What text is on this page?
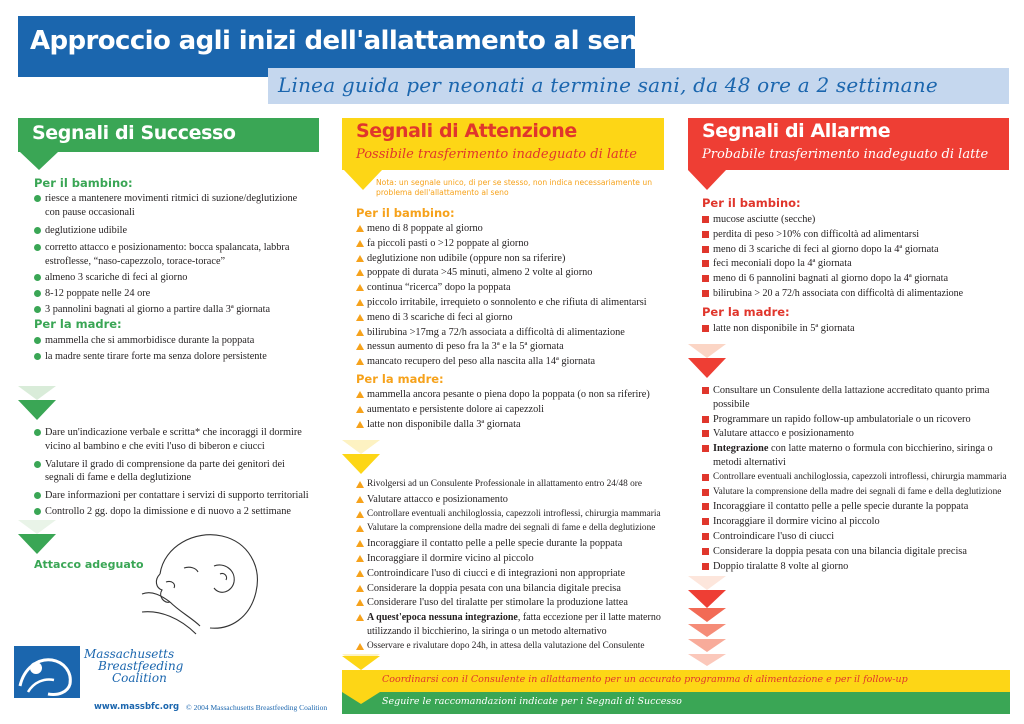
Approccio agli inizi dell'allattamento al seno
Linea guida per neonati a termine sani, da 48 ore a 2 settimane
Segnali di Successo
Per il bambino:
riesce a mantenere movimenti ritmici di suzione/deglutizione con pause occasionali
deglutizione udibile
corretto attacco e posizionamento: bocca spalancata, labbra estroflesse, “naso-capezzolo, torace-torace”
almeno 3 scariche di feci al giorno
8-12 poppate nelle 24 ore
3 pannolini bagnati al giorno a partire dalla 3ª giornata
Per la madre:
mammella che si ammorbidisce durante la poppata
la madre sente tirare forte ma senza dolore persistente
Dare un'indicazione verbale e scritta* che incoraggi il dormire vicino al bambino e che eviti l'uso di biberon e ciucci
Valutare il grado di comprensione da parte dei genitori dei segnali di fame e della deglutizione
Dare informazioni per contattare i servizi di supporto territoriali
Controllo 2 gg. dopo la dimissione e di nuovo a 2 settimane
Attacco adeguato
Segnali di Attenzione
Possibile trasferimento inadeguato di latte
Nota: un segnale unico, di per se stesso, non indica necessariamente un problema dell'allattamento al seno
Per il bambino:
meno di 8 poppate al giorno
fa piccoli pasti o >12 poppate al giorno
deglutizione non udibile (oppure non sa riferire)
poppate di durata >45 minuti, almeno 2 volte al giorno
continua “ricerca” dopo la poppata
piccolo irritabile, irrequieto o sonnolento e che rifiuta di alimentarsi
meno di 3 scariche di feci al giorno
bilirubina >17mg a 72/h associata a difficoltà di alimentazione
nessun aumento di peso fra la 3ª e la 5ª giornata
mancato recupero del peso alla nascita alla 14ª giornata
Per la madre:
mammella ancora pesante o piena dopo la poppata (o non sa riferire)
aumentato e persistente dolore ai capezzoli
latte non disponibile dalla 3ª giornata
Rivolgersi ad un Consulente Professionale in allattamento entro 24/48 ore
Valutare attacco e posizionamento
Controllare eventuali anchiloglossia, capezzoli introflessi, chirurgia mammaria
Valutare la comprensione della madre dei segnali di fame e della deglutizione
Incoraggiare il contatto pelle a pelle specie durante la poppata
Incoraggiare il dormire vicino al piccolo
Controindicare l'uso di ciucci e di integrazioni non appropriate
Considerare la doppia pesata con una bilancia digitale precisa
Considerare l'uso del tiralatte per stimolare la produzione lattea
A quest'epoca nessuna integrazione, fatta eccezione per il latte materno utilizzando il bicchierino, la siringa o un metodo alternativo
Osservare e rivalutare dopo 24h, in attesa della valutazione del Consulente
Segnali di Allarme
Probabile trasferimento inadeguato di latte
Per il bambino:
mucose asciutte (secche)
perdita di peso >10% con difficoltà ad alimentarsi
meno di 3 scariche di feci al giorno dopo la 4ª giornata
feci meconiali dopo la 4ª giornata
meno di 6 pannolini bagnati al giorno dopo la 4ª giornata
bilirubina > 20 a 72/h associata con difficoltà di alimentazione
Per la madre:
latte non disponibile in 5ª giornata
Consultare un Consulente della lattazione accreditato quanto prima possibile
Programmare un rapido follow-up ambulatoriale o un ricovero
Valutare attacco e posizionamento
Integrazione con latte materno o formula con bicchierino, siringa o metodi alternativi
Controllare eventuali anchiloglossia, capezzoli introflessi, chirurgia mammaria
Valutare la comprensione della madre dei segnali di fame e della deglutizione
Incoraggiare il contatto pelle a pelle specie durante la poppata
Incoraggiare il dormire vicino al piccolo
Controindicare l'uso di ciucci
Considerare la doppia pesata con una bilancia digitale precisa
Doppio tiralatte 8 volte al giorno
Coordinarsi con il Consulente in allattamento per un accurato programma di alimentazione e per il follow-up
Seguire le raccomandazioni indicate per i Segnali di Successo
Massachusetts
Breastfeeding
Coalition
www.massbfc.org © 2004 Massachusetts Breastfeeding Coalition
